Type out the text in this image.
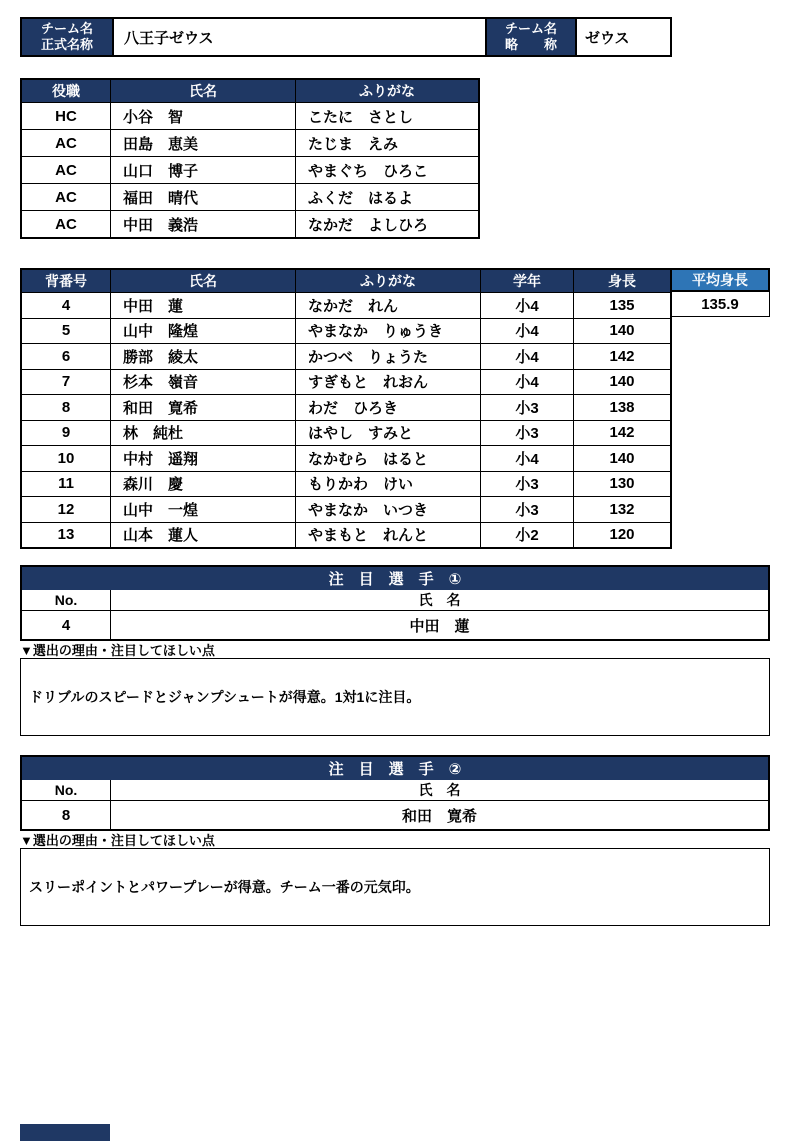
チーム名
正式名称	八王子ゼウス
チーム名
略　　称	ゼウス
役職	氏名	ふりがな
HC	小谷　智	こたに　さとし
AC	田島　恵美	たじま　えみ
AC	山口　博子	やまぐち　ひろこ
AC	福田　晴代	ふくだ　はるよ
AC	中田　義浩	なかだ　よしひろ
背番号	氏名	ふりがな	学年	身長
4	中田　蓮	なかだ　れん	小4	135
5	山中　隆煌	やまなか　りゅうき	小4	140
6	勝部　綾太	かつべ　りょうた	小4	142
7	杉本　嶺音	すぎもと　れおん	小4	140
8	和田　寛希	わだ　ひろき	小3	138
9	林　純杜	はやし　すみと	小3	142
10	中村　遥翔	なかむら　はると	小4	140
11	森川　慶	もりかわ　けい	小3	130
12	山中　一煌	やまなか　いつき	小3	132
13	山本　蓮人	やまもと　れんと	小2	120
平均身長
135.9
注　目　選　手　①
No.	氏　名
4	中田　蓮
▼選出の理由・注目してほしい点
ドリブルのスピードとジャンプシュートが得意。1対1に注目。
注　目　選　手　②
No.	氏　名
8	和田　寛希
▼選出の理由・注目してほしい点
スリーポイントとパワープレーが得意。チーム一番の元気印。
